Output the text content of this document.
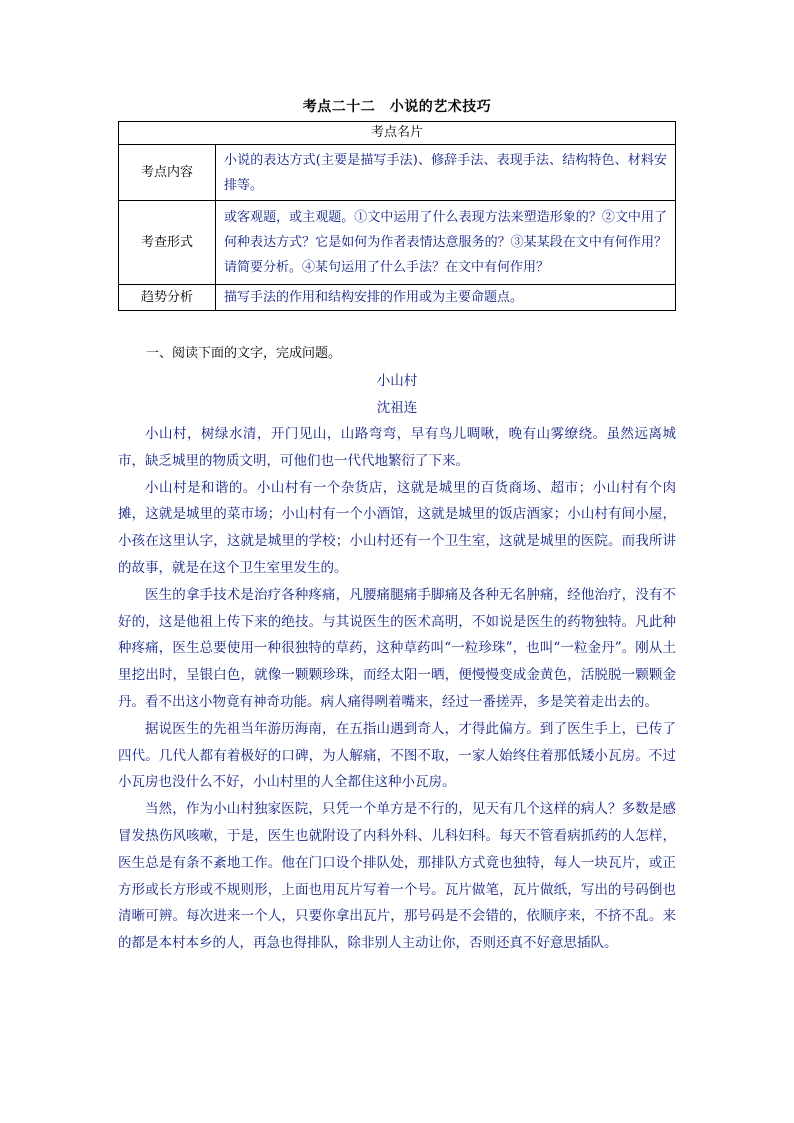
考点二十二　小说的艺术技巧
考点名片	
考点内容	小说的表达方式(主要是描写手法)、修辞手法、表现手法、结构特色、材料安排等。
考查形式	或客观题，或主观题。①文中运用了什么表现方法来塑造形象的？②文中用了何种表达方式？它是如何为作者表情达意服务的？③某某段在文中有何作用？请简要分析。④某句运用了什么手法？在文中有何作用？
趋势分析	描写手法的作用和结构安排的作用或为主要命题点。
一、阅读下面的文字，完成问题。
小山村
沈祖连

小山村，树绿水清，开门见山，山路弯弯，早有鸟儿啁啾，晚有山雾缭绕。虽然远离城市，缺乏城里的物质文明，可他们也一代代地繁衍了下来。

小山村是和谐的。小山村有一个杂货店，这就是城里的百货商场、超市；小山村有个肉摊，这就是城里的菜市场；小山村有一个小酒馆，这就是城里的饭店酒家；小山村有间小屋，小孩在这里认字，这就是城里的学校；小山村还有一个卫生室，这就是城里的医院。而我所讲的故事，就是在这个卫生室里发生的。

医生的拿手技术是治疗各种疼痛，凡腰痛腿痛手脚痛及各种无名肿痛，经他治疗，没有不好的，这是他祖上传下来的绝技。与其说医生的医术高明，不如说是医生的药物独特。凡此种种疼痛，医生总要使用一种很独特的草药，这种草药叫“一粒珍珠”，也叫“一粒金丹”。刚从土里挖出时，呈银白色，就像一颗颗珍珠，而经太阳一晒，便慢慢变成金黄色，活脱脱一颗颗金丹。看不出这小物竟有神奇功能。病人痛得咧着嘴来，经过一番搓弄，多是笑着走出去的。

据说医生的先祖当年游历海南，在五指山遇到奇人，才得此偏方。到了医生手上，已传了四代。几代人都有着极好的口碑，为人解痛，不图不取，一家人始终住着那低矮小瓦房。不过小瓦房也没什么不好，小山村里的人全都住这种小瓦房。

当然，作为小山村独家医院，只凭一个单方是不行的，见天有几个这样的病人？多数是感冒发热伤风咳嗽，于是，医生也就附设了内科外科、儿科妇科。每天不管看病抓药的人怎样，医生总是有条不紊地工作。他在门口设个排队处，那排队方式竟也独特，每人一块瓦片，或正方形或长方形或不规则形，上面也用瓦片写着一个号。瓦片做笔，瓦片做纸，写出的号码倒也清晰可辨。每次进来一个人，只要你拿出瓦片，那号码是不会错的，依顺序来，不挤不乱。来的都是本村本乡的人，再急也得排队，除非别人主动让你，否则还真不好意思插队。
